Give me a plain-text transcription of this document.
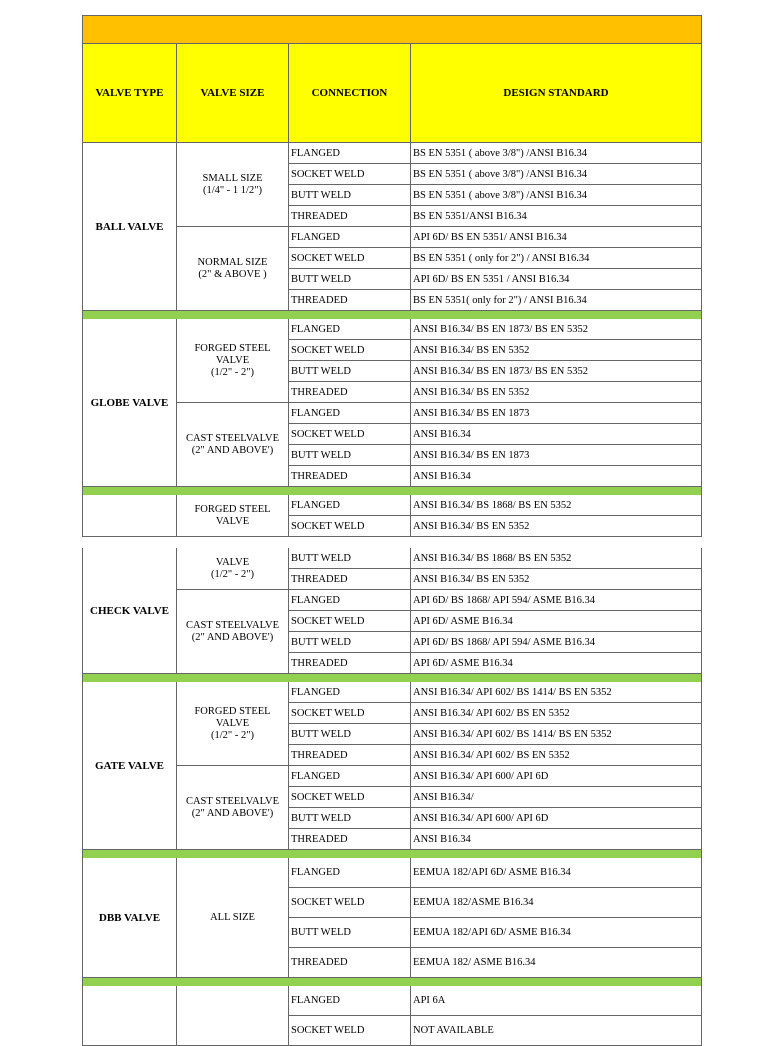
VALVE TYPE	VALVE SIZE	CONNECTION	DESIGN STANDARD
BALL VALVE
SMALL SIZE
(1/4" - 1 1/2")
FLANGED	BS EN 5351 ( above 3/8") /ANSI B16.34
SOCKET WELD	BS EN 5351 ( above 3/8") /ANSI B16.34
BUTT WELD	BS EN 5351 ( above 3/8") /ANSI B16.34
THREADED	BS EN 5351/ANSI B16.34
NORMAL SIZE
(2" & ABOVE )
FLANGED	API 6D/ BS EN 5351/ ANSI B16.34
SOCKET WELD	BS EN 5351 ( only for 2") / ANSI B16.34
BUTT WELD	API 6D/ BS EN 5351 / ANSI B16.34
THREADED	BS EN 5351( only for 2") / ANSI B16.34
GLOBE VALVE
FORGED STEEL
VALVE
(1/2" - 2")
FLANGED	ANSI B16.34/ BS EN 1873/ BS EN 5352
SOCKET WELD	ANSI B16.34/ BS EN 5352
BUTT WELD	ANSI B16.34/ BS EN 1873/ BS EN 5352
THREADED	ANSI B16.34/ BS EN 5352
CAST STEELVALVE
(2" AND ABOVE')
FLANGED	ANSI B16.34/ BS EN 1873
SOCKET WELD	ANSI B16.34
BUTT WELD	ANSI B16.34/ BS EN 1873
THREADED	ANSI B16.34
FORGED STEEL
VALVE
FLANGED	ANSI B16.34/ BS 1868/ BS EN 5352
SOCKET WELD	ANSI B16.34/ BS EN 5352
CHECK VALVE
VALVE
(1/2" - 2")
BUTT WELD	ANSI B16.34/ BS 1868/ BS EN 5352
THREADED	ANSI B16.34/ BS EN 5352
CAST STEELVALVE
(2" AND ABOVE')
FLANGED	API 6D/ BS 1868/ API 594/ ASME B16.34
SOCKET WELD	API 6D/ ASME B16.34
BUTT WELD	API 6D/ BS 1868/ API 594/ ASME B16.34
THREADED	API 6D/ ASME B16.34
GATE VALVE
FORGED STEEL
VALVE
(1/2" - 2")
FLANGED	ANSI B16.34/ API 602/ BS 1414/ BS EN 5352
SOCKET WELD	ANSI B16.34/ API 602/ BS EN 5352
BUTT WELD	ANSI B16.34/ API 602/ BS 1414/ BS EN 5352
THREADED	ANSI B16.34/ API 602/ BS EN 5352
CAST STEELVALVE
(2" AND ABOVE')
FLANGED	ANSI B16.34/ API 600/ API 6D
SOCKET WELD	ANSI B16.34/
BUTT WELD	ANSI B16.34/ API 600/ API 6D
THREADED	ANSI B16.34
DBB VALVE	ALL SIZE
FLANGED	EEMUA 182/API 6D/ ASME B16.34
SOCKET WELD	EEMUA 182/ASME B16.34
BUTT WELD	EEMUA 182/API 6D/ ASME B16.34
THREADED	EEMUA 182/ ASME B16.34
FLANGED	API 6A
SOCKET WELD	NOT AVAILABLE
